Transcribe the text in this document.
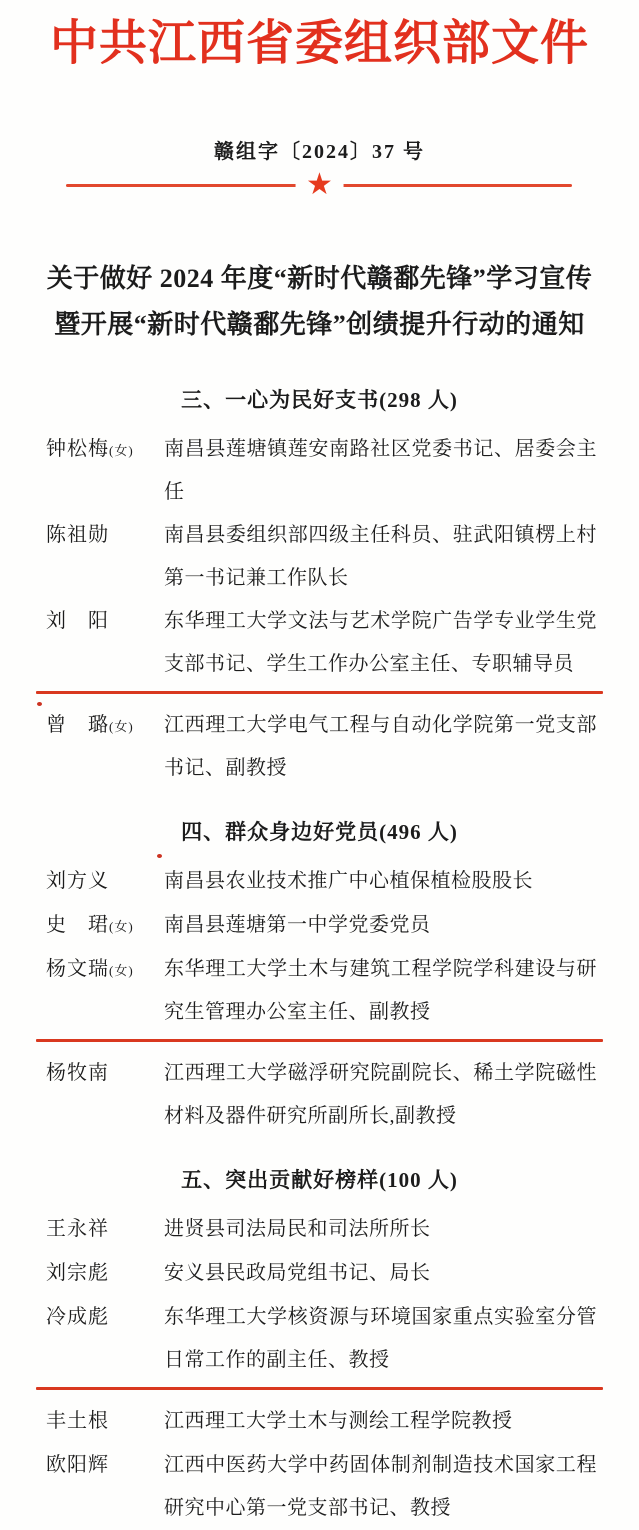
中共江西省委组织部文件
赣组字〔2024〕37 号
★
关于做好 2024 年度“新时代赣鄱先锋”学习宣传
暨开展“新时代赣鄱先锋”创绩提升行动的通知
三、一心为民好支书(298 人)
钟松梅(女)	南昌县莲塘镇莲安南路社区党委书记、居委会主任
陈祖勋	南昌县委组织部四级主任科员、驻武阳镇楞上村第一书记兼工作队长
刘　阳	东华理工大学文法与艺术学院广告学专业学生党支部书记、学生工作办公室主任、专职辅导员
曾　璐(女)	江西理工大学电气工程与自动化学院第一党支部书记、副教授
四、群众身边好党员(496 人)
刘方义	南昌县农业技术推广中心植保植检股股长
史　珺(女)	南昌县莲塘第一中学党委党员
杨文瑞(女)	东华理工大学土木与建筑工程学院学科建设与研究生管理办公室主任、副教授
杨牧南	江西理工大学磁浮研究院副院长、稀土学院磁性材料及器件研究所副所长,副教授
五、突出贡献好榜样(100 人)
王永祥	进贤县司法局民和司法所所长
刘宗彪	安义县民政局党组书记、局长
冷成彪	东华理工大学核资源与环境国家重点实验室分管日常工作的副主任、教授
丰土根	江西理工大学土木与测绘工程学院教授
欧阳辉	江西中医药大学中药固体制剂制造技术国家工程研究中心第一党支部书记、教授
